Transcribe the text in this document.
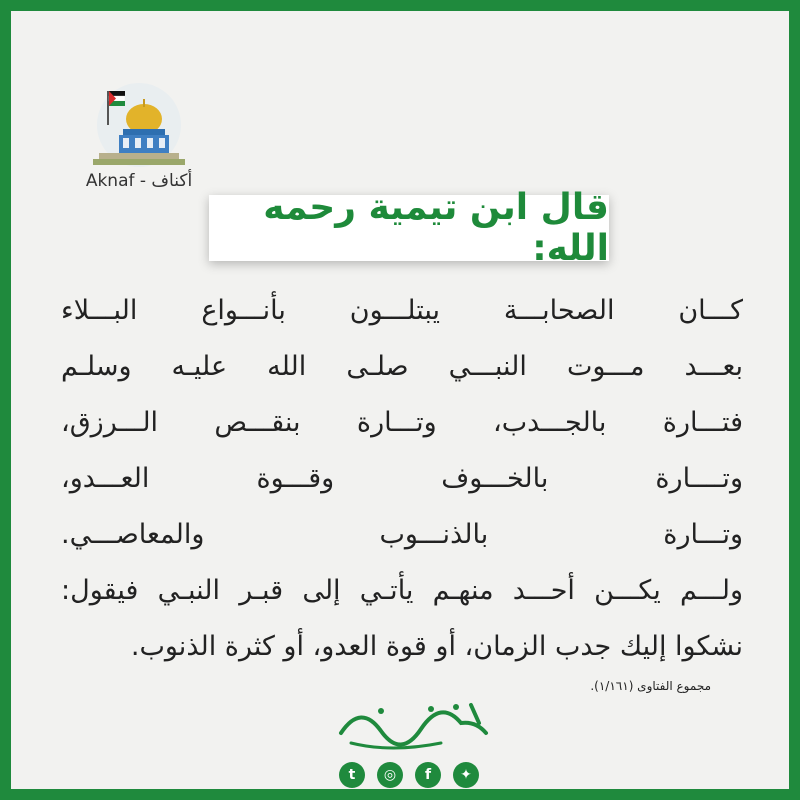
Aknaf - أكناف
قال ابن تيمية رحمه الله:
كـــان الصحابـــة يبتلـــون بأنـــواع البـــلاء
بعـــد مـــوت النبـــي صلـى الله عليـه وسلـم
فتـــارة بالجـــدب، وتـــارة بنقـــص الـــرزق،
وتــــارة بالخـــوف وقـــوة العـــدو،
وتـــارة بالذنـــوب والمعاصـــي.
ولـــم يكـــن أحـــد منهـم يأتـي إلى قبـر النبـي فيقول:
نشكوا إليك جدب الزمان، أو قوة العدو، أو كثرة الذنوب.
مجموع الفتاوى (١/١٦١).
t	◎	f	✦
